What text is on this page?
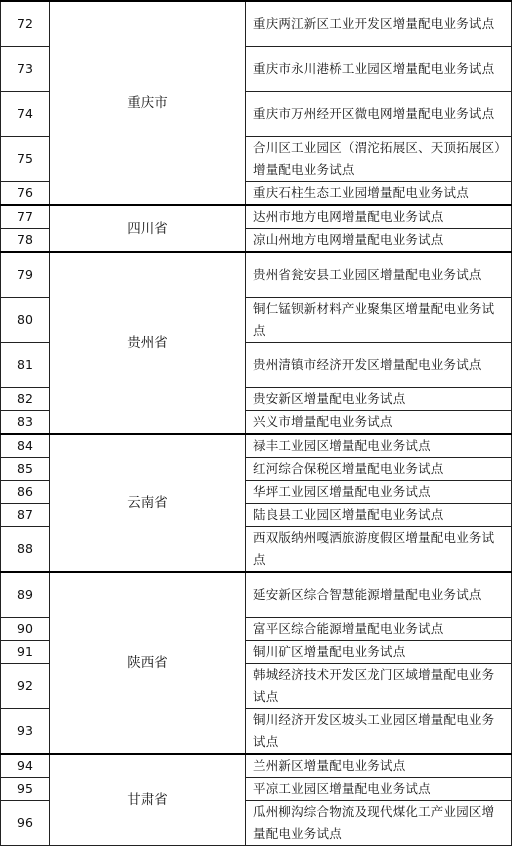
72	重庆市	重庆两江新区工业开发区增量配电业务试点
73		重庆市永川港桥工业园区增量配电业务试点
74		重庆市万州经开区微电网增量配电业务试点
75		合川区工业园区（渭沱拓展区、天顶拓展区）增量配电业务试点
76		重庆石柱生态工业园增量配电业务试点
77	四川省	达州市地方电网增量配电业务试点
78		凉山州地方电网增量配电业务试点
79	贵州省	贵州省瓮安县工业园区增量配电业务试点
80		铜仁锰钡新材料产业聚集区增量配电业务试点
81		贵州清镇市经济开发区增量配电业务试点
82		贵安新区增量配电业务试点
83		兴义市增量配电业务试点
84	云南省	禄丰工业园区增量配电业务试点
85		红河综合保税区增量配电业务试点
86		华坪工业园区增量配电业务试点
87		陆良县工业园区增量配电业务试点
88		西双版纳州嘎洒旅游度假区增量配电业务试点
89	陕西省	延安新区综合智慧能源增量配电业务试点
90		富平区综合能源增量配电业务试点
91		铜川矿区增量配电业务试点
92		韩城经济技术开发区龙门区域增量配电业务试点
93		铜川经济开发区坡头工业园区增量配电业务试点
94	甘肃省	兰州新区增量配电业务试点
95		平凉工业园区增量配电业务试点
96		瓜州柳沟综合物流及现代煤化工产业园区增量配电业务试点
